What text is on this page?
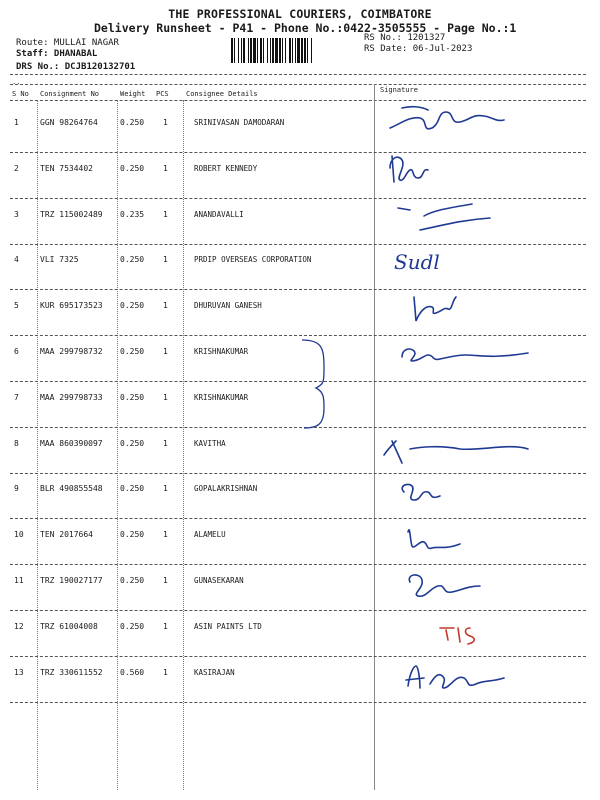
THE PROFESSIONAL COURIERS, COIMBATORE
Delivery Runsheet - P41 - Phone No.:0422-3505555 - Page No.:1
Route: MULLAI NAGAR
Staff: DHANABAL
DRS No.: DCJB120132701
RS No.: 1201327
RS Date: 06-Jul-2023
..
S No Consignment No	Weight PCS Consignee Details	Signature
1	GGN 98264764	0.250 1	SRINIVASAN DAMODARAN
2	TEN 7534402	0.250 1	ROBERT KENNEDY
3	TRZ 115002489 0.235 1	ANANDAVALLI
4	VLI 7325	0.250 1	PRDIP OVERSEAS CORPORATION	Sudl
5	KUR 695173523 0.250 1	DHURUVAN GANESH
6	MAA 299798732 0.250 1	KRISHNAKUMAR
7	MAA 299798733 0.250 1	KRISHNAKUMAR
8	MAA 860390097 0.250 1	KAVITHA
9	BLR 490855548 0.250 1	GOPALAKRISHNAN
10 TEN 2017664	0.250 1	ALAMELU
11 TRZ 190027177 0.250 1	GUNASEKARAN
12 TRZ 61004008	0.250 1	ASIN PAINTS LTD
13 TRZ 330611552 0.560 1	KASIRAJAN
